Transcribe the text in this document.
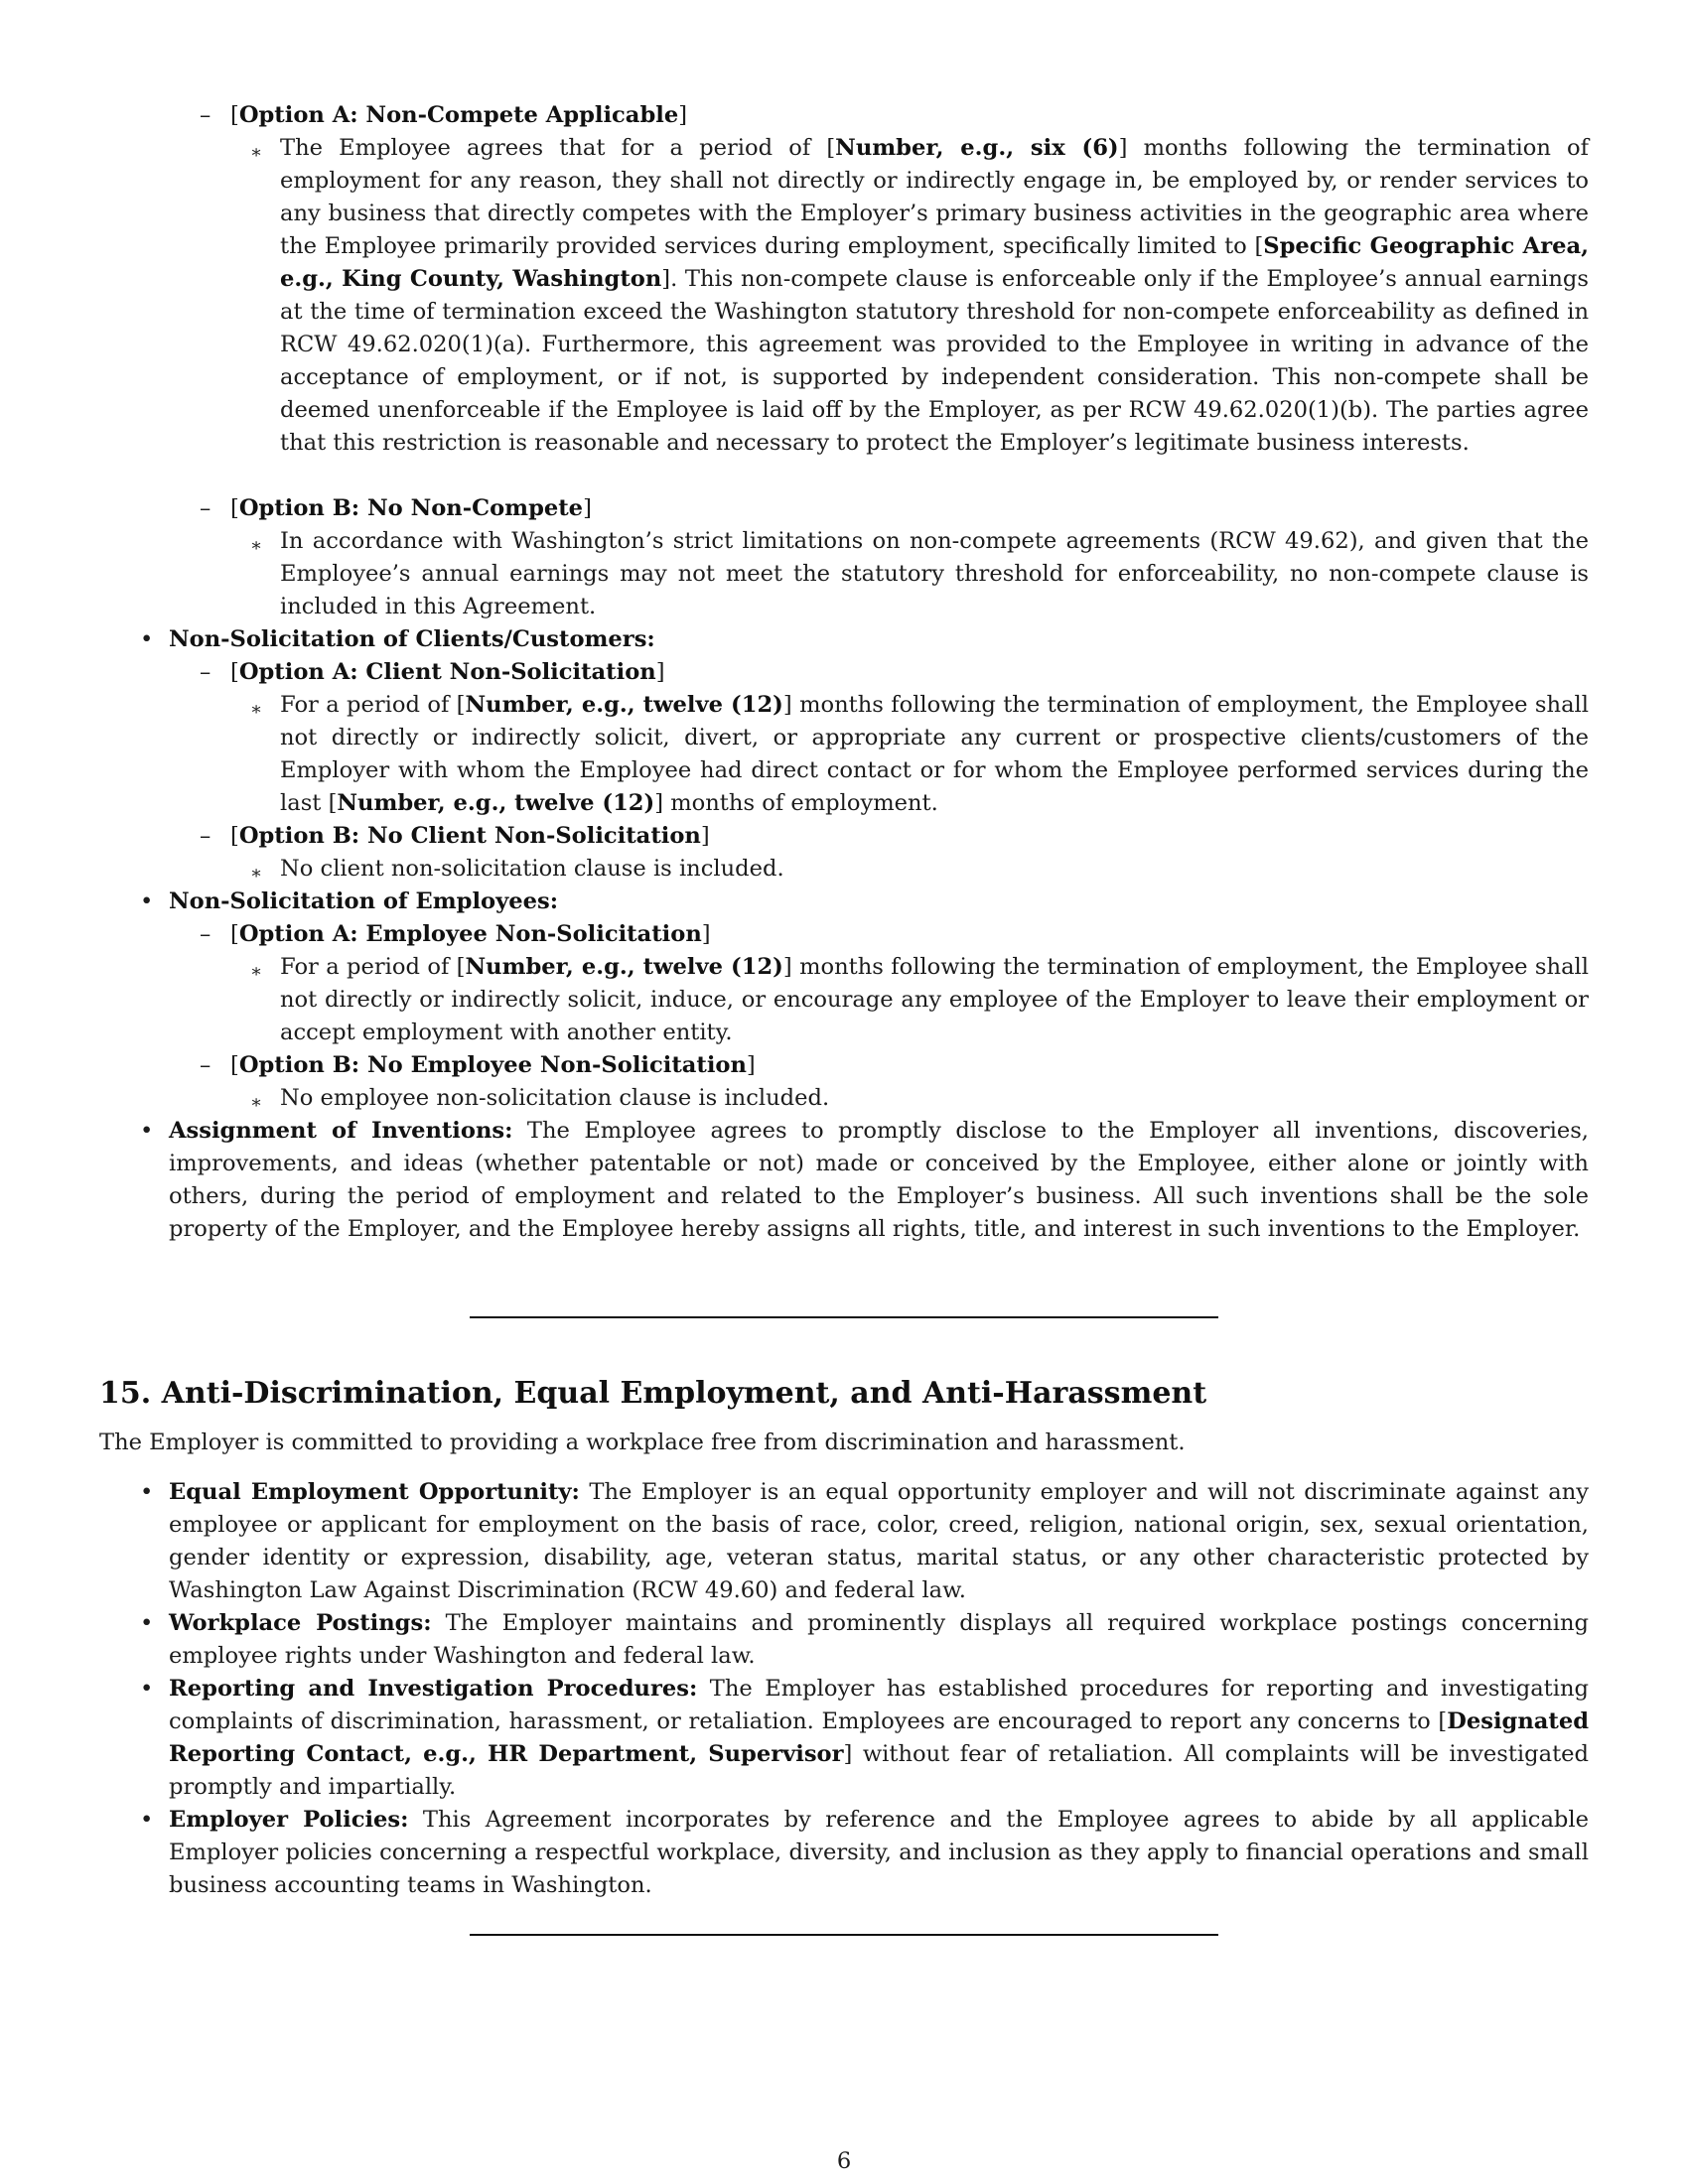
– [Option A: Non-Compete Applicable]
∗ The Employee agrees that for a period of [Number, e.g., six (6)] months following the termination of employment for any reason, they shall not directly or indirectly engage in, be employed by, or render services to any business that directly competes with the Employer’s primary business activities in the geographic area where the Employee primarily provided services during employment, specifically limited to [Specific Geographic Area, e.g., King County, Washington]. This non-compete clause is enforceable only if the Employee’s annual earnings at the time of termination exceed the Washington statutory threshold for non-compete enforceability as defined in RCW 49.62.020(1)(a). Furthermore, this agreement was provided to the Employee in writing in advance of the acceptance of employment, or if not, is supported by independent consideration. This non-compete shall be deemed unenforceable if the Employee is laid off by the Employer, as per RCW 49.62.020(1)(b). The parties agree that this restriction is reasonable and necessary to protect the Employer’s legitimate business interests.
– [Option B: No Non-Compete]
∗ In accordance with Washington’s strict limitations on non-compete agreements (RCW 49.62), and given that the Employee’s annual earnings may not meet the statutory threshold for enforceability, no non-compete clause is included in this Agreement.
• Non-Solicitation of Clients/Customers:
– [Option A: Client Non-Solicitation]
∗ For a period of [Number, e.g., twelve (12)] months following the termination of employment, the Employee shall not directly or indirectly solicit, divert, or appropriate any current or prospective clients/customers of the Employer with whom the Employee had direct contact or for whom the Employee performed services during the last [Number, e.g., twelve (12)] months of employment.
– [Option B: No Client Non-Solicitation]
∗ No client non-solicitation clause is included.
• Non-Solicitation of Employees:
– [Option A: Employee Non-Solicitation]
∗ For a period of [Number, e.g., twelve (12)] months following the termination of employment, the Employee shall not directly or indirectly solicit, induce, or encourage any employee of the Employer to leave their employment or accept employment with another entity.
– [Option B: No Employee Non-Solicitation]
∗ No employee non-solicitation clause is included.
• Assignment of Inventions: The Employee agrees to promptly disclose to the Employer all inventions, discoveries, improvements, and ideas (whether patentable or not) made or conceived by the Employee, either alone or jointly with others, during the period of employment and related to the Employer’s business. All such inventions shall be the sole property of the Employer, and the Employee hereby assigns all rights, title, and interest in such inventions to the Employer.
15. Anti-Discrimination, Equal Employment, and Anti-Harassment
The Employer is committed to providing a workplace free from discrimination and harassment.
• Equal Employment Opportunity: The Employer is an equal opportunity employer and will not discriminate against any employee or applicant for employment on the basis of race, color, creed, religion, national origin, sex, sexual orientation, gender identity or expression, disability, age, veteran status, marital status, or any other characteristic protected by Washington Law Against Discrimination (RCW 49.60) and federal law.
• Workplace Postings: The Employer maintains and prominently displays all required workplace postings concerning employee rights under Washington and federal law.
• Reporting and Investigation Procedures: The Employer has established procedures for reporting and investigating complaints of discrimination, harassment, or retaliation. Employees are encouraged to report any concerns to [Designated Reporting Contact, e.g., HR Department, Supervisor] without fear of retaliation. All complaints will be investigated promptly and impartially.
• Employer Policies: This Agreement incorporates by reference and the Employee agrees to abide by all applicable Employer policies concerning a respectful workplace, diversity, and inclusion as they apply to financial operations and small business accounting teams in Washington.
6
